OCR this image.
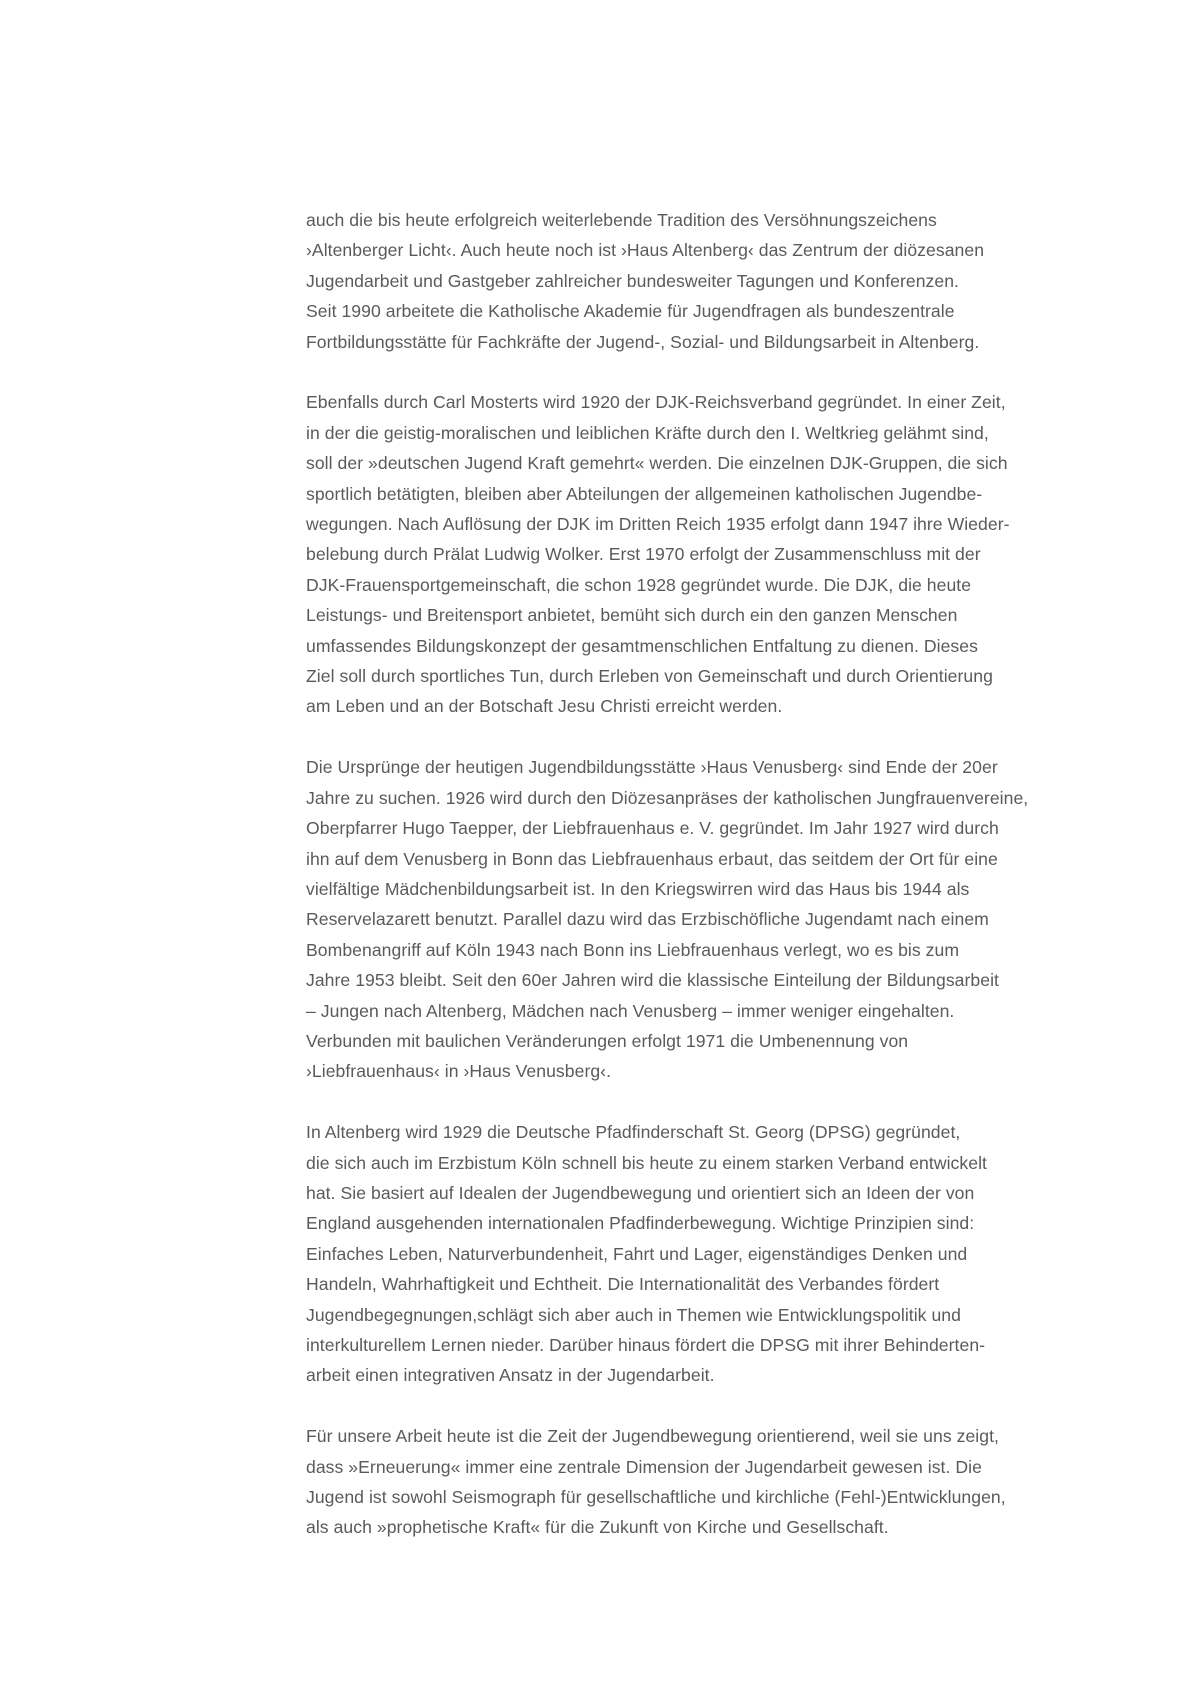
auch die bis heute erfolgreich weiterlebende Tradition des Versöhnungszeichens
›Altenberger Licht‹. Auch heute noch ist ›Haus Altenberg‹ das Zentrum der diözesanen
Jugendarbeit und Gastgeber zahlreicher bundesweiter Tagungen und Konferenzen.
Seit 1990 arbeitete die Katholische Akademie für Jugendfragen als bundeszentrale
Fortbildungsstätte für Fachkräfte der Jugend-, Sozial- und Bildungsarbeit in Altenberg.

Ebenfalls durch Carl Mosterts wird 1920 der DJK-Reichsverband gegründet. In einer Zeit,
in der die geistig-moralischen und leiblichen Kräfte durch den I. Weltkrieg gelähmt sind,
soll der »deutschen Jugend Kraft gemehrt« werden. Die einzelnen DJK-Gruppen, die sich
sportlich betätigten, bleiben aber Abteilungen der allgemeinen katholischen Jugendbe-
wegungen. Nach Auflösung der DJK im Dritten Reich 1935 erfolgt dann 1947 ihre Wieder-
belebung durch Prälat Ludwig Wolker. Erst 1970 erfolgt der Zusammenschluss mit der
DJK-Frauensportgemeinschaft, die schon 1928 gegründet wurde. Die DJK, die heute
Leistungs- und Breitensport anbietet, bemüht sich durch ein den ganzen Menschen
umfassendes Bildungskonzept der gesamtmenschlichen Entfaltung zu dienen. Dieses
Ziel soll durch sportliches Tun, durch Erleben von Gemeinschaft und durch Orientierung
am Leben und an der Botschaft Jesu Christi erreicht werden.

Die Ursprünge der heutigen Jugendbildungsstätte ›Haus Venusberg‹ sind Ende der 20er
Jahre zu suchen. 1926 wird durch den Diözesanpräses der katholischen Jungfrauenvereine,
Oberpfarrer Hugo Taepper, der Liebfrauenhaus e. V. gegründet. Im Jahr 1927 wird durch
ihn auf dem Venusberg in Bonn das Liebfrauenhaus erbaut, das seitdem der Ort für eine
vielfältige Mädchenbildungsarbeit ist. In den Kriegswirren wird das Haus bis 1944 als
Reservelazarett benutzt. Parallel dazu wird das Erzbischöfliche Jugendamt nach einem
Bombenangriff auf Köln 1943 nach Bonn ins Liebfrauenhaus verlegt, wo es bis zum
Jahre 1953 bleibt. Seit den 60er Jahren wird die klassische Einteilung der Bildungsarbeit
– Jungen nach Altenberg, Mädchen nach Venusberg – immer weniger eingehalten.
Verbunden mit baulichen Veränderungen erfolgt 1971 die Umbenennung von
›Liebfrauenhaus‹ in ›Haus Venusberg‹.

In Altenberg wird 1929 die Deutsche Pfadfinderschaft St. Georg (DPSG) gegründet,
die sich auch im Erzbistum Köln schnell bis heute zu einem starken Verband entwickelt
hat. Sie basiert auf Idealen der Jugendbewegung und orientiert sich an Ideen der von
England ausgehenden internationalen Pfadfinderbewegung. Wichtige Prinzipien sind:
Einfaches Leben, Naturverbundenheit, Fahrt und Lager, eigenständiges Denken und
Handeln, Wahrhaftigkeit und Echtheit. Die Internationalität des Verbandes fördert
Jugendbegegnungen,schlägt sich aber auch in Themen wie Entwicklungspolitik und
interkulturellem Lernen nieder. Darüber hinaus fördert die DPSG mit ihrer Behinderten-
arbeit einen integrativen Ansatz in der Jugendarbeit.

Für unsere Arbeit heute ist die Zeit der Jugendbewegung orientierend, weil sie uns zeigt,
dass »Erneuerung« immer eine zentrale Dimension der Jugendarbeit gewesen ist. Die
Jugend ist sowohl Seismograph für gesellschaftliche und kirchliche (Fehl-)Entwicklungen,
als auch »prophetische Kraft« für die Zukunft von Kirche und Gesellschaft.
